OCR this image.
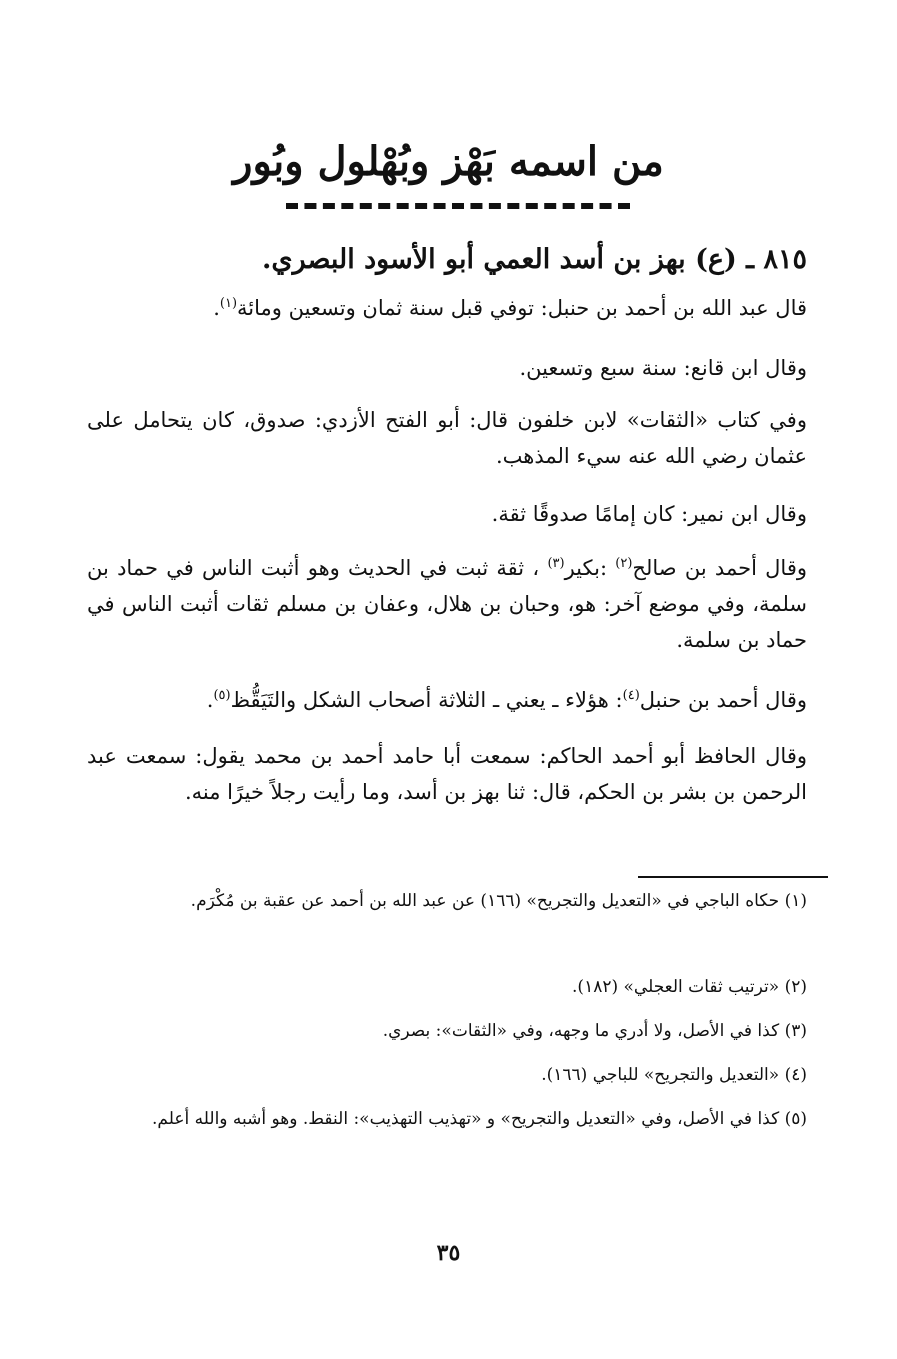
من اسمه بَهْز وبُهْلول وبُور
٨١٥ ـ (ع) بهز بن أسد العمي أبو الأسود البصري.
قال عبد الله بن أحمد بن حنبل: توفي قبل سنة ثمان وتسعين ومائة$^{(١)}$.
وقال ابن قانع: سنة سبع وتسعين.
وفي كتاب «الثقات» لابن خلفون قال: أبو الفتح الأزدي: صدوق، كان يتحامل على عثمان رضي الله عنه سيء المذهب.
وقال ابن نمير: كان إمامًا صدوقًا ثقة.
وقال أحمد بن صالح$^{(٢)}$ :بكير$^{(٣)}$ ، ثقة ثبت في الحديث وهو أثبت الناس في حماد بن سلمة، وفي موضع آخر: هو، وحبان بن هلال، وعفان بن مسلم ثقات أثبت الناس في حماد بن سلمة.
وقال أحمد بن حنبل$^{(٤)}$: هؤلاء ـ يعني ـ الثلاثة أصحاب الشكل والتَيَقُّظ$^{(٥)}$.
وقال الحافظ أبو أحمد الحاكم: سمعت أبا حامد أحمد بن محمد يقول: سمعت عبد الرحمن بن بشر بن الحكم، قال: ثنا بهز بن أسد، وما رأيت رجلاً خيرًا منه.
(١) حكاه الباجي في «التعديل والتجريح» (١٦٦) عن عبد الله بن أحمد عن عقبة بن مُكْرَم.
(٢) «ترتيب ثقات العجلي» (١٨٢).
(٣) كذا في الأصل، ولا أدري ما وجهه، وفي «الثقات»: بصري.
(٤) «التعديل والتجريح» للباجي (١٦٦).
(٥) كذا في الأصل، وفي «التعديل والتجريح» و «تهذيب التهذيب»: النقط. وهو أشبه والله أعلم.
٣٥
